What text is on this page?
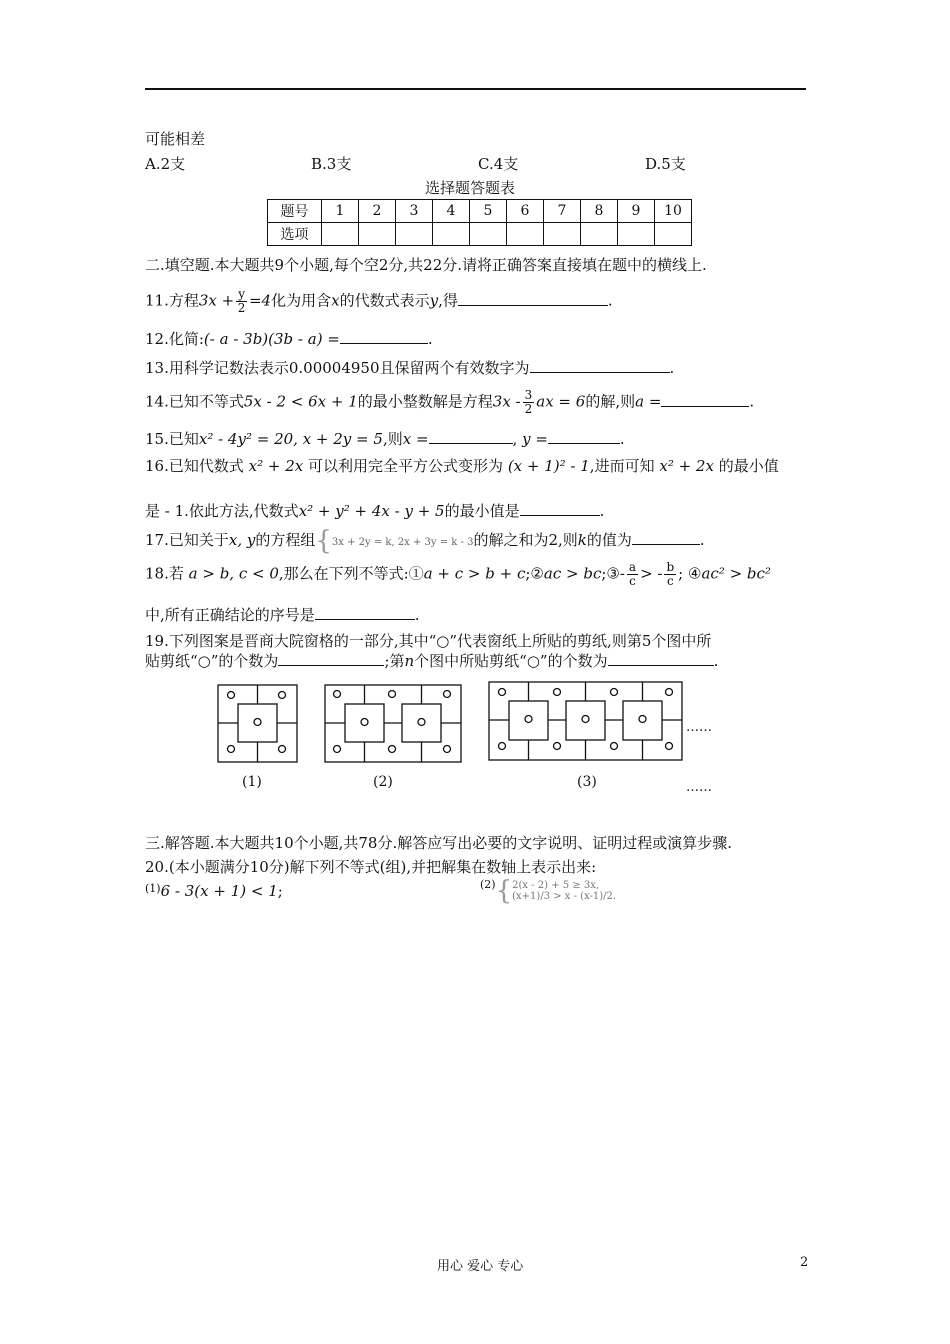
可能相差
A.2支	B.3支	C.4支	D.5支
选择题答题表
题号	1	2	3	4	5	6	7	8	9	10
选项										
二.填空题.本大题共9个小题,每个空2分,共22分.请将正确答案直接填在题中的横线上.
11.方程$3x + \frac{y}{2} =4$化为用含x的代数式表示y,得	.
12.化简:(- a - 3b)(3b - a) =	.
13.用科学记数法表示0.00004950且保留两个有效数字为	.
14.已知不等式5x - 2 < 6x + 1的最小整数解是方程$3x - \frac{3}{2}$ ax = 6的解,则a =	.
15.已知x² - 4y² = 20, x + 2y = 5,则x =	, y =	.
16.已知代数式 x² + 2x 可以利用完全平方公式变形为 (x + 1)² - 1,进而可知 x² + 2x 的最小值
是 - 1.依此方法,代数式x² + y² + 4x - y + 5的最小值是	.
17.已知关于x, y的方程组{3x + 2y = k, 2x + 3y = k - 3的解之和为2,则k的值为	.
18.若 a > b, c < 0,那么在下列不等式:①a + c > b + c;②ac > bc;③- $\frac{a}{c}$ > - $\frac{b}{c}$ ; ④ac² > bc²
中,所有正确结论的序号是	.
19.下列图案是晋商大院窗格的一部分,其中“○”代表窗纸上所贴的剪纸,则第5个图中所
贴剪纸“○”的个数为	;第n个图中所贴剪纸“○”的个数为	.
……
(1)	(2)	(3)	……
三.解答题.本大题共10个小题,共78分.解答应写出必要的文字说明、证明过程或演算步骤.
20.(本小题满分10分)解下列不等式(组),并把解集在数轴上表示出来:
$^{(1)}$6 - 3(x + 1) < 1;	$^{(2)}${ 2(x - 2) + 5 ≥ 3x,
(x+1)/3 > x - (x-1)/2.
用心 爱心 专心	2
